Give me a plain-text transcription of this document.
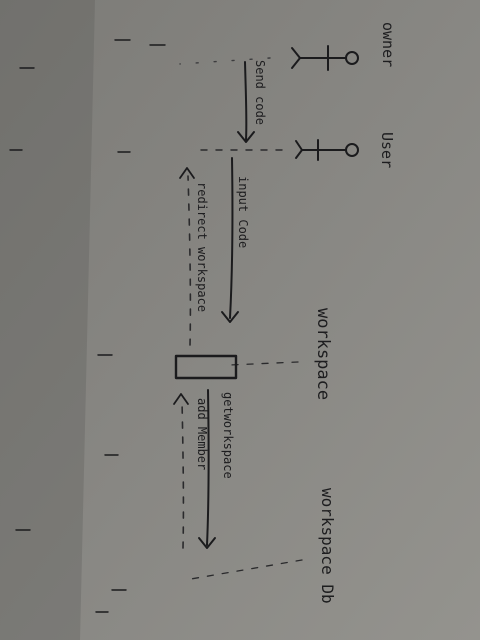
Send code
input Code
redirect workspace
getworkspace
add Member
owner
User
workspace
workspace Db
